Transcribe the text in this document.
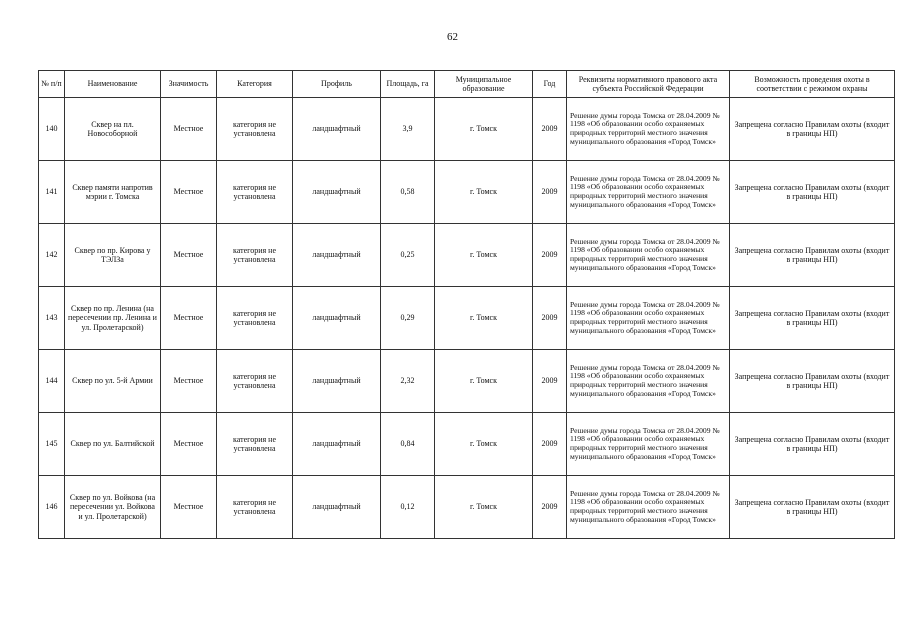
62
№ п/п	Наименование	Значимость	Категория	Профиль	Площадь, га	Муниципальное образование	Год	Реквизиты нормативного правового акта субъекта Российской Федерации	Возможность проведения охоты в соответствии с режимом охраны
140	Сквер на пл. Новособорной	Местное	категория не установлена	ландшафтный	3,9	г. Томск	2009	Решение думы города Томска от 28.04.2009 № 1198 «Об образовании особо охраняемых природных территорий местного значения муниципального образования «Город Томск»	Запрещена согласно Правилам охоты (входит в границы НП)
141	Сквер памяти напротив мэрии г. Томска	Местное	категория не установлена	ландшафтный	0,58	г. Томск	2009	Решение думы города Томска от 28.04.2009 № 1198 «Об образовании особо охраняемых природных территорий местного значения муниципального образования «Город Томск»	Запрещена согласно Правилам охоты (входит в границы НП)
142	Сквер по пр. Кирова у ТЭЛЗа	Местное	категория не установлена	ландшафтный	0,25	г. Томск	2009	Решение думы города Томска от 28.04.2009 № 1198 «Об образовании особо охраняемых природных территорий местного значения муниципального образования «Город Томск»	Запрещена согласно Правилам охоты (входит в границы НП)
143	Сквер по пр. Ленина (на пересечении пр. Ленина и ул. Пролетарской)	Местное	категория не установлена	ландшафтный	0,29	г. Томск	2009	Решение думы города Томска от 28.04.2009 № 1198 «Об образовании особо охраняемых природных территорий местного значения муниципального образования «Город Томск»	Запрещена согласно Правилам охоты (входит в границы НП)
144	Сквер по ул. 5-й Армии	Местное	категория не установлена	ландшафтный	2,32	г. Томск	2009	Решение думы города Томска от 28.04.2009 № 1198 «Об образовании особо охраняемых природных территорий местного значения муниципального образования «Город Томск»	Запрещена согласно Правилам охоты (входит в границы НП)
145	Сквер по ул. Балтийской	Местное	категория не установлена	ландшафтный	0,84	г. Томск	2009	Решение думы города Томска от 28.04.2009 № 1198 «Об образовании особо охраняемых природных территорий местного значения муниципального образования «Город Томск»	Запрещена согласно Правилам охоты (входит в границы НП)
146	Сквер по ул. Войкова (на пересечении ул. Войкова и ул. Пролетарской)	Местное	категория не установлена	ландшафтный	0,12	г. Томск	2009	Решение думы города Томска от 28.04.2009 № 1198 «Об образовании особо охраняемых природных территорий местного значения муниципального образования «Город Томск»	Запрещена согласно Правилам охоты (входит в границы НП)
